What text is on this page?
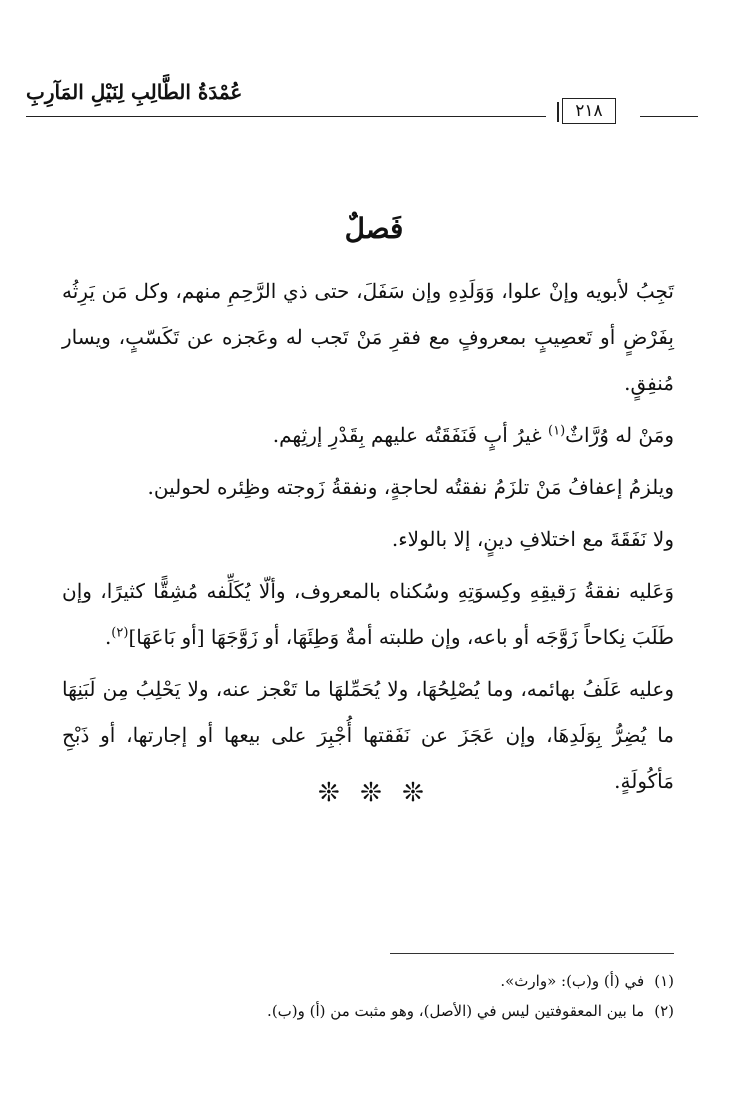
عُمْدَةُ الطَّالِبِ لِنَيْلِ المَآرِبِ
٢١٨
فَصلٌ

تَجِبُ لأبويه وإنْ علوا، وَوَلَدِهِ وإن سَفَلَ، حتى ذي الرَّحِمِ منهم، وكل مَن يَرِثُه بِفَرْضٍ أو تَعصِيبٍ بمعروفٍ مع فقرِ مَنْ تَجب له وعَجزه عن تَكَسّبٍ، ويسار مُنفِقٍ.

ومَنْ له وُرَّاثٌ$^{(١)}$ غيرُ أبٍ فَنَفَقَتُه عليهم بِقَدْرِ إرثِهم.

ويلزمُ إعفافُ مَنْ تلزَمُ نفقتُه لحاجةٍ، ونفقةُ زَوجته وظِئره لحولين.

ولا نَفَقَةَ مع اختلافِ دينٍ، إلا بالولاء.

وَعَليه نفقةُ رَقيقِهِ وكِسوَتِهِ وسُكناه بالمعروف، وألّا يُكَلِّفه مُشِقًّا كثيرًا، وإن طَلَبَ نِكاحاً زَوَّجَه أو باعه، وإن طلبته أمةٌ وَطِئَهَا، أو زَوَّجَهَا [أو بَاعَهَا]$^{(٢)}$.

وعليه عَلَفُ بهائمه، وما يُصْلِحُهَا، ولا يُحَمِّلهَا ما تَعْجز عنه، ولا يَحْلِبُ مِن لَبَنِهَا ما يُضِرُّ بِوَلَدِهَا، وإن عَجَزَ عن نَفَقتها أُجْبِرَ على بيعها أو إجارتها، أو ذَبْحِ مَأكُولَةٍ.

❊ ❊ ❊

(١)في (أ) و(ب): «وارث».

(٢)ما بين المعقوفتين ليس في (الأصل)، وهو مثبت من (أ) و(ب).
